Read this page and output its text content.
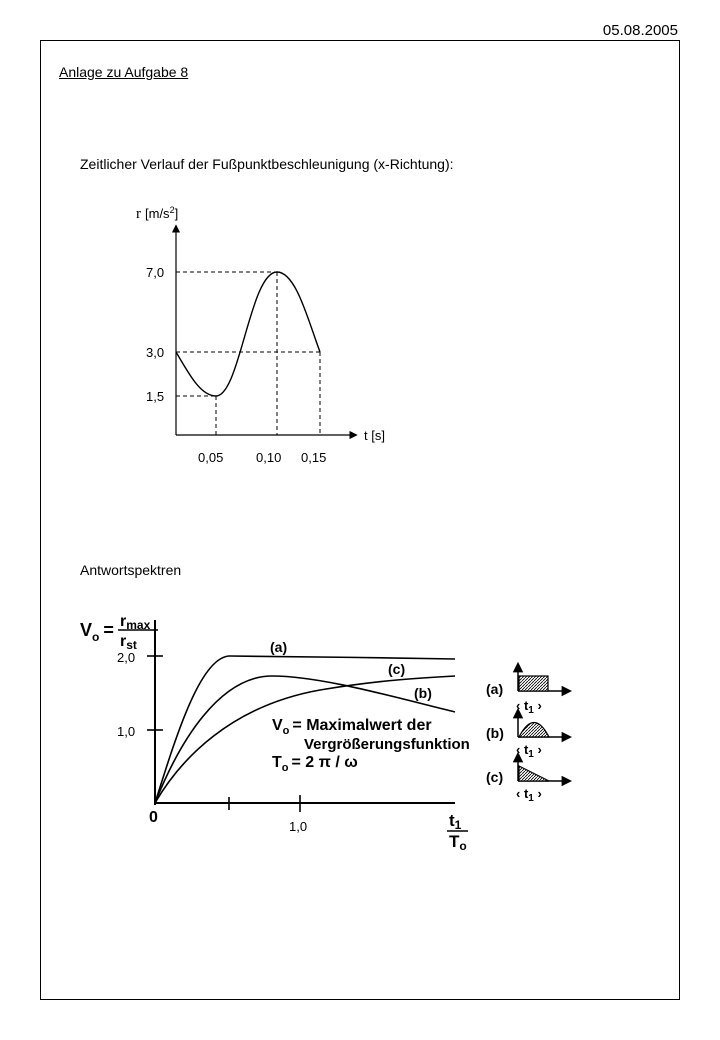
05.08.2005
Anlage zu Aufgabe 8
Zeitlicher Verlauf der Fußpunktbeschleunigung (x-Richtung):
Antwortspektren
7,0
3,0
1,5
0,05	0,10 0,15
t [s]
r $[m/s^2]$
$V_o = rmax$
rst
2,0
1,0
0
1,0	t1
To
(a)
(c)
(b)
$V_o$ = Maximalwert der
Vergrößerungsfunktion
$T_o = 2$ π / ω
(a)
‹ $t_1$ ›
(b)
‹ $t_1$ ›
(c)
‹ $t_1$ ›
